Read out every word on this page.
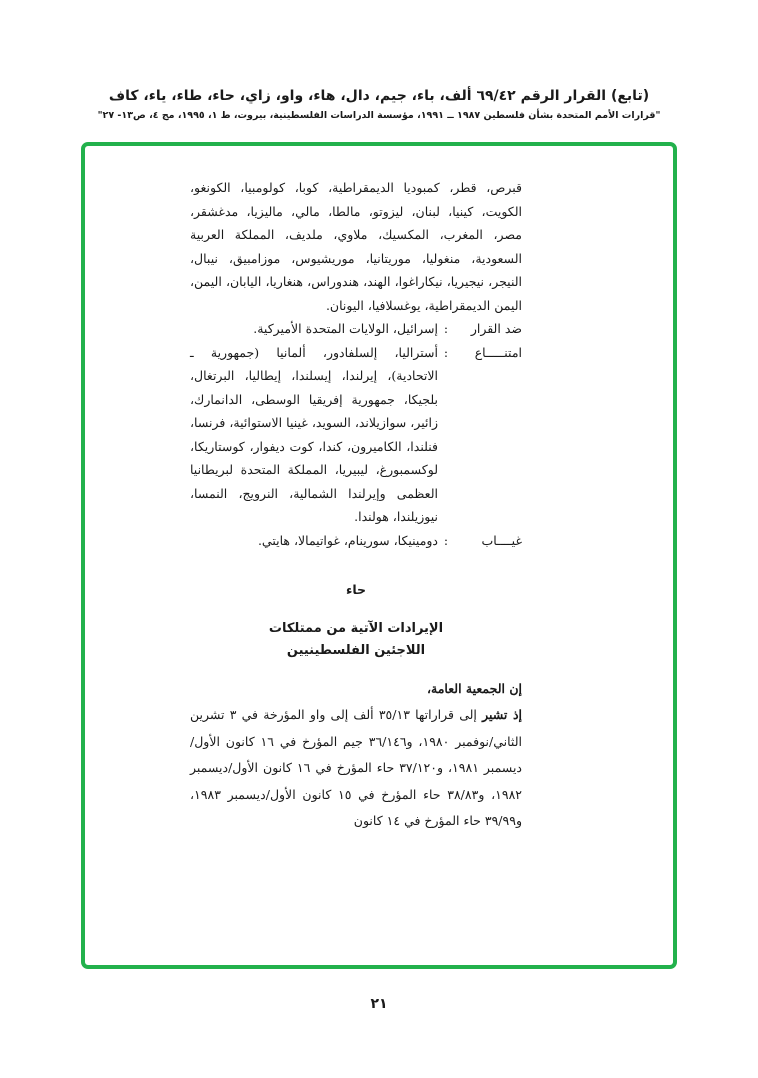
(تابع) القرار الرقم ٦٩/٤٢ ألف، باء، جيم، دال، هاء، واو، زاي، حاء، طاء، ياء، كاف

"قرارات الأمم المتحدة بشأن فلسطين ١٩٨٧ ــ ١٩٩١، مؤسسة الدراسات الفلسطينية، بيروت، ط ١، ١٩٩٥، مج ٤، ص١٣- ٢٧"

قبرص، قطر، كمبوديا الديمقراطية، كوبا، كولومبيا، الكونغو، الكويت، كينيا، لبنان، ليزوتو، مالطا، مالي، ماليزيا، مدغشقر، مصر، المغرب، المكسيك، ملاوي، ملديف، المملكة العربية السعودية، منغوليا، موريتانيا، موريشيوس، موزامبيق، نيبال، النيجر، نيجيريا، نيكاراغوا، الهند، هندوراس، هنغاريا، اليابان، اليمن، اليمن الديمقراطية، يوغسلافيا، اليونان.

ضد القرار
:
إسرائيل، الولايات المتحدة الأميركية.
امتنـــــاع
:
أستراليا، إلسلفادور، ألمانيا (جمهورية ـ الاتحادية)، إيرلندا، إيسلندا، إيطاليا، البرتغال، بلجيكا، جمهورية إفريقيا الوسطى، الدانمارك، زائير، سوازيلاند، السويد، غينيا الاستوائية، فرنسا، فنلندا، الكاميرون، كندا، كوت ديفوار، كوستاريكا، لوكسمبورغ، ليبيريا، المملكة المتحدة لبريطانيا العظمى وإيرلندا الشمالية، النرويج، النمسا، نيوزيلندا، هولندا.
غيــــاب
:
دومينيكا، سورينام، غواتيمالا، هايتي.
حاء
الإيرادات الآتية من ممتلكات
اللاجئين الفلسطينيين

إن الجمعية العامة،

إذ تشير إلى قراراتها ٣٥/١٣ ألف إلى واو المؤرخة في ٣ تشرين الثاني/نوفمبر ١٩٨٠، و٣٦/١٤٦ جيم المؤرخ في ١٦ كانون الأول/ديسمبر ١٩٨١، و٣٧/١٢٠ حاء المؤرخ في ١٦ كانون الأول/ديسمبر ١٩٨٢، و٣٨/٨٣ حاء المؤرخ في ١٥ كانون الأول/ديسمبر ١٩٨٣، و٣٩/٩٩ حاء المؤرخ في ١٤ كانون

٢١
